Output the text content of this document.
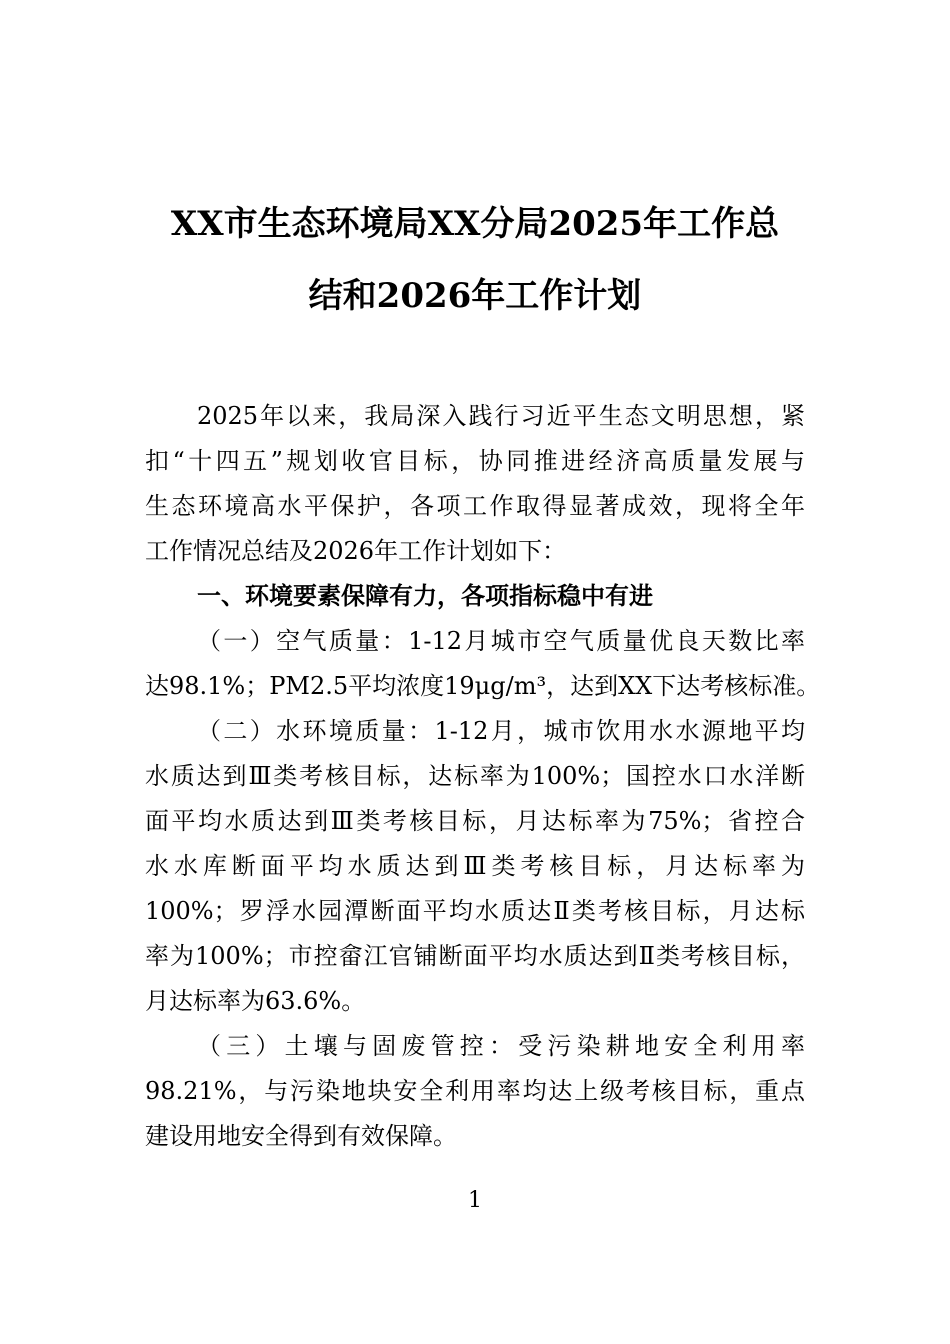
XX市生态环境局XX分局2025年工作总
结和2026年工作计划
2025年以来，我局深入践行习近平生态文明思想，紧
扣“十四五”规划收官目标，协同推进经济高质量发展与
生态环境高水平保护，各项工作取得显著成效，现将全年
工作情况总结及2026年工作计划如下：
一、环境要素保障有力，各项指标稳中有进
（一）空气质量：1-12月城市空气质量优良天数比率
达98.1%；PM2.5平均浓度19μg/m³，达到XX下达考核标准。
（二）水环境质量：1-12月，城市饮用水水源地平均
水质达到Ⅲ类考核目标，达标率为100%；国控水口水洋断
面平均水质达到Ⅲ类考核目标，月达标率为75%；省控合
水水库断面平均水质达到Ⅲ类考核目标，月达标率为
100%；罗浮水园潭断面平均水质达Ⅱ类考核目标，月达标
率为100%；市控畲江官铺断面平均水质达到Ⅱ类考核目标，
月达标率为63.6%。
（三）土壤与固废管控：受污染耕地安全利用率
98.21%，与污染地块安全利用率均达上级考核目标，重点
建设用地安全得到有效保障。
1
